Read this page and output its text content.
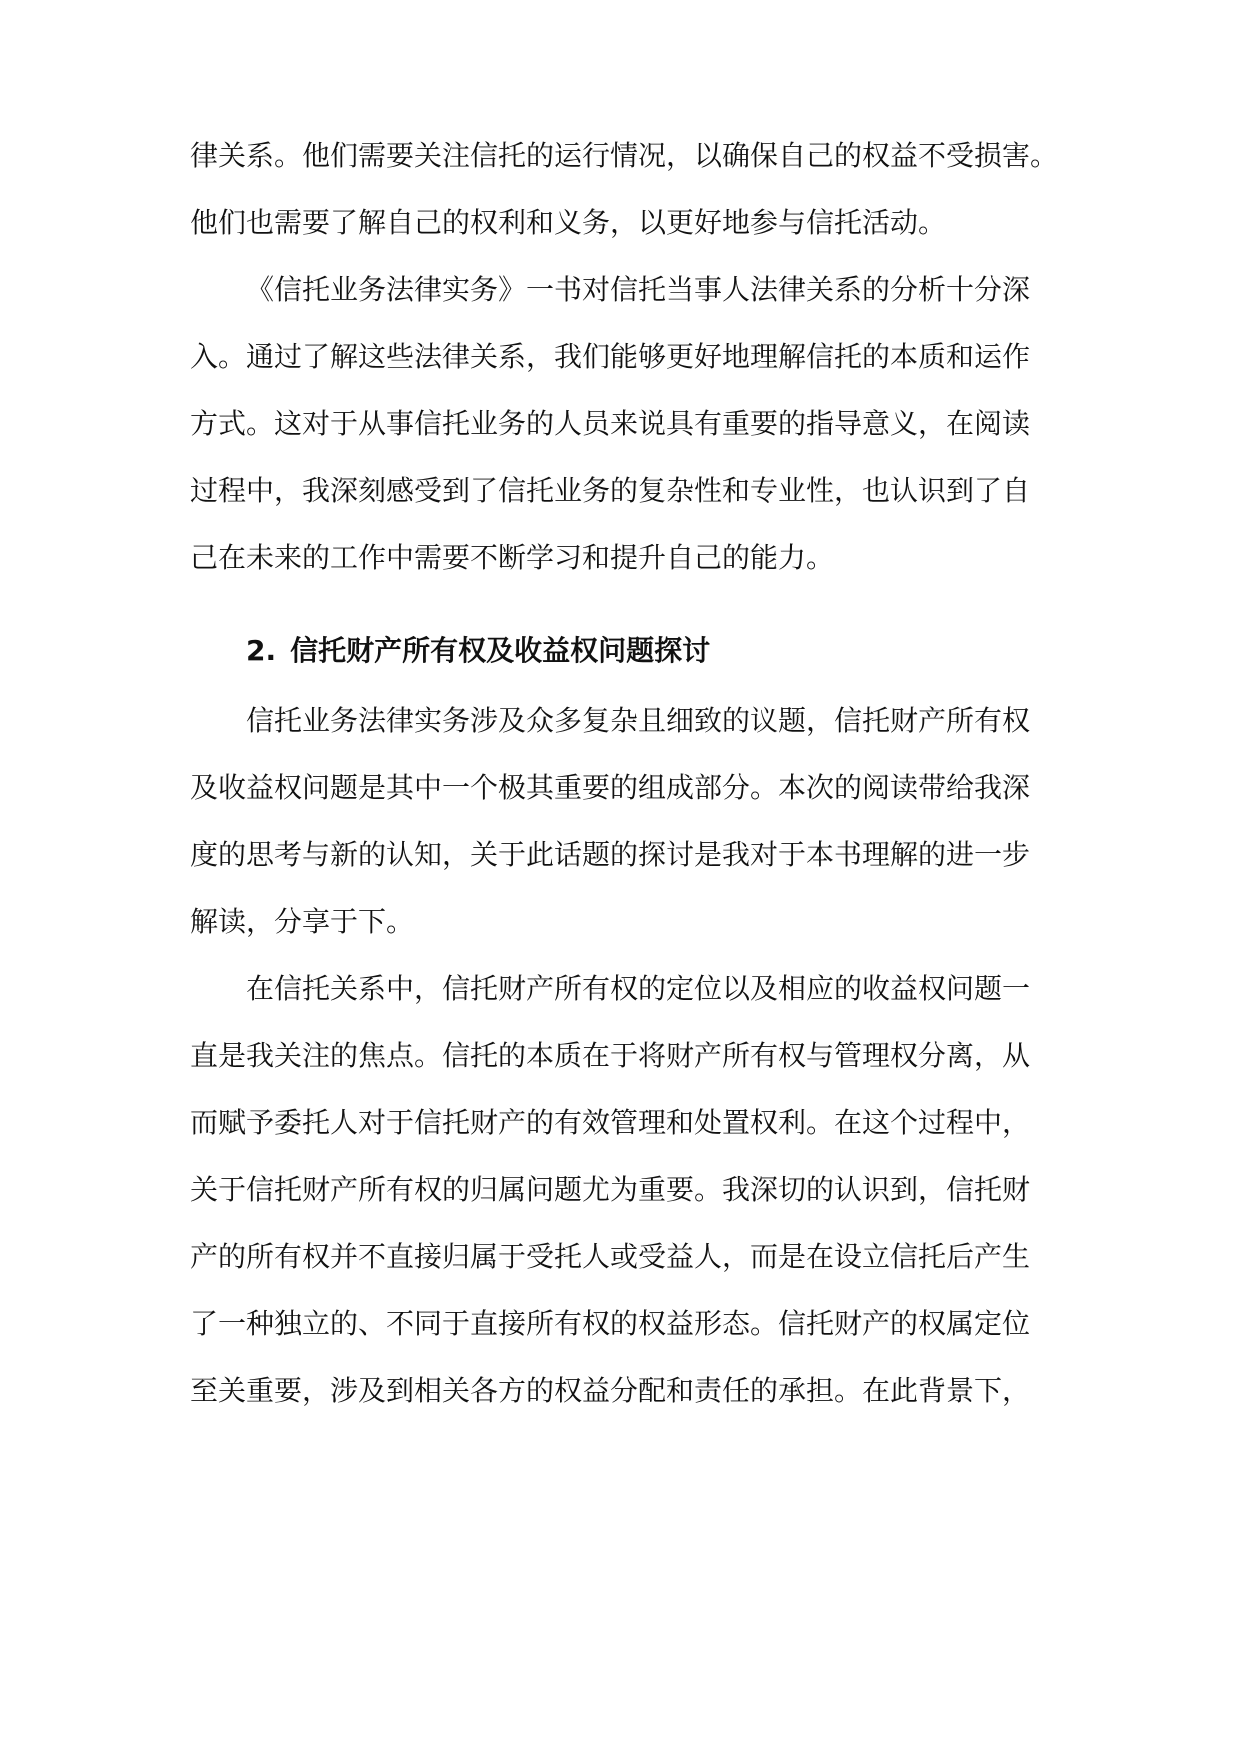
律关系。他们需要关注信托的运行情况，以确保自己的权益不受损害。
他们也需要了解自己的权利和义务，以更好地参与信托活动。
《信托业务法律实务》一书对信托当事人法律关系的分析十分深
入。通过了解这些法律关系，我们能够更好地理解信托的本质和运作
方式。这对于从事信托业务的人员来说具有重要的指导意义，在阅读
过程中，我深刻感受到了信托业务的复杂性和专业性，也认识到了自
己在未来的工作中需要不断学习和提升自己的能力。
2. 信托财产所有权及收益权问题探讨
信托业务法律实务涉及众多复杂且细致的议题，信托财产所有权
及收益权问题是其中一个极其重要的组成部分。本次的阅读带给我深
度的思考与新的认知，关于此话题的探讨是我对于本书理解的进一步
解读，分享于下。
在信托关系中，信托财产所有权的定位以及相应的收益权问题一
直是我关注的焦点。信托的本质在于将财产所有权与管理权分离，从
而赋予委托人对于信托财产的有效管理和处置权利。在这个过程中，
关于信托财产所有权的归属问题尤为重要。我深切的认识到，信托财
产的所有权并不直接归属于受托人或受益人，而是在设立信托后产生
了一种独立的、不同于直接所有权的权益形态。信托财产的权属定位
至关重要，涉及到相关各方的权益分配和责任的承担。在此背景下，
